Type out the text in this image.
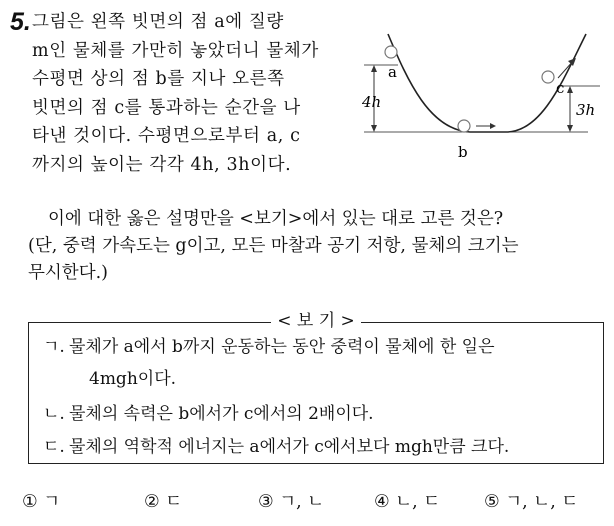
5. 그림은 왼쪽 빗면의 점 a에 질량
m인 물체를 가만히 놓았더니 물체가
수평면 상의 점 b를 지나 오른쪽
빗면의 점 c를 통과하는 순간을 나
타낸 것이다. 수평면으로부터 a, c
까지의 높이는 각각 4h, 3h이다.
a
b
c
4h	3h
이에 대한 옳은 설명만을 <보기>에서 있는 대로 고른 것은?
(단, 중력 가속도는 g이고, 모든 마찰과 공기 저항, 물체의 크기는
무시한다.)
< 보 기 >
ㄱ. 물체가 a에서 b까지 운동하는 동안 중력이 물체에 한 일은
4mgh이다.
ㄴ. 물체의 속력은 b에서가 c에서의 2배이다.
ㄷ. 물체의 역학적 에너지는 a에서가 c에서보다 mgh만큼 크다.
① ㄱ	② ㄷ	③ ㄱ, ㄴ	④ ㄴ, ㄷ	⑤ ㄱ, ㄴ, ㄷ
